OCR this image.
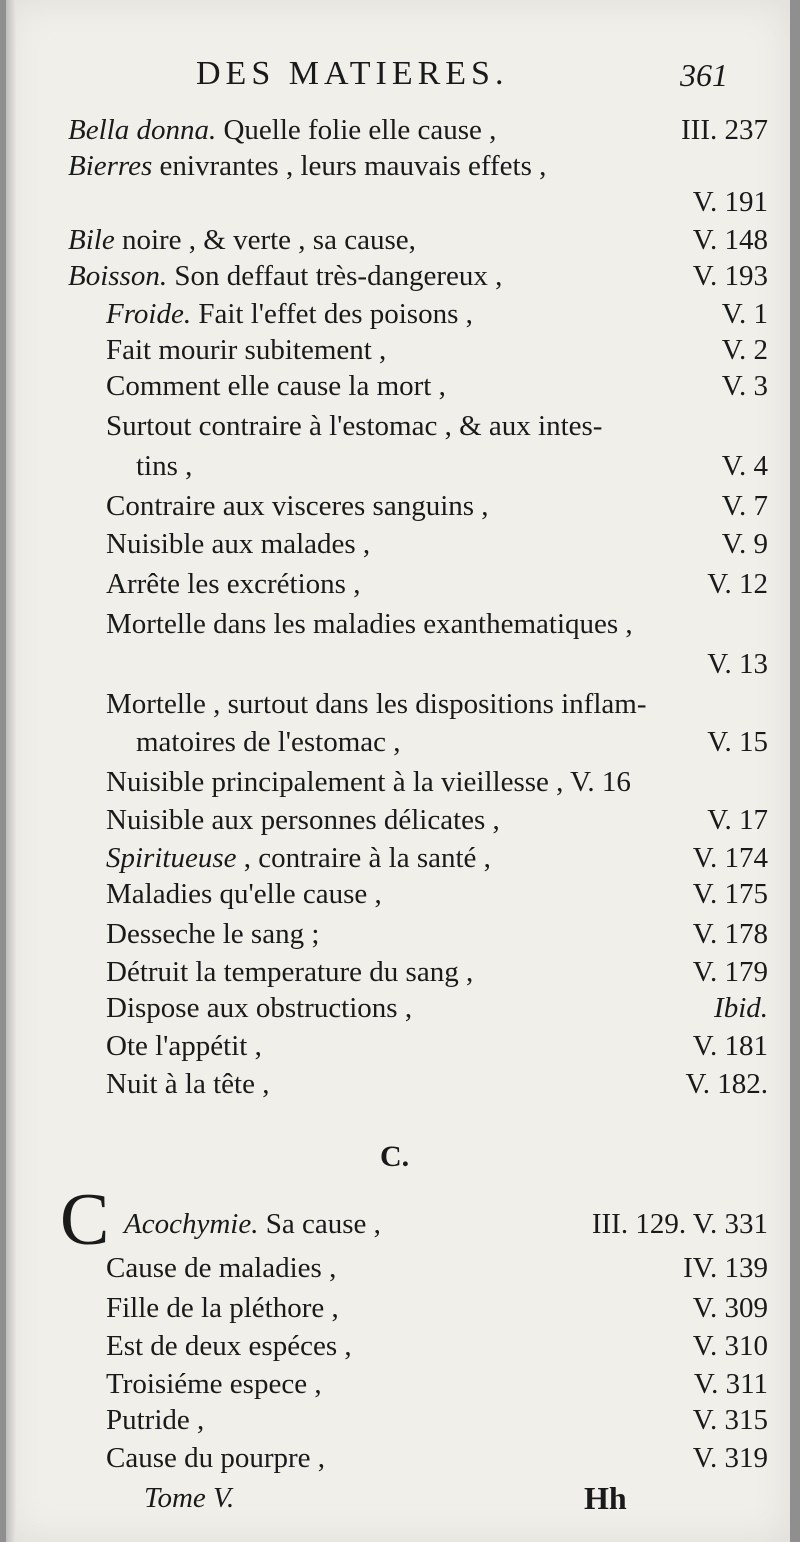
DES MATIERES.	361
Bella donna. Quelle folie elle cause ,	III. 237
Bierres enivrantes , leurs mauvais effets ,
V. 191
Bile noire , & verte , sa cause,	V. 148
Boisson. Son deffaut très-dangereux ,	V. 193
Froide. Fait l'effet des poisons ,	V. 1
Fait mourir subitement ,	V. 2
Comment elle cause la mort ,	V. 3
Surtout contraire à l'estomac , & aux intes-
tins ,	V. 4
Contraire aux visceres sanguins ,	V. 7
Nuisible aux malades ,	V. 9
Arrête les excrétions ,	V. 12
Mortelle dans les maladies exanthematiques ,
V. 13
Mortelle , surtout dans les dispositions inflam-
matoires de l'estomac ,	V. 15
Nuisible principalement à la vieillesse , V. 16
Nuisible aux personnes délicates ,	V. 17
Spiritueuse , contraire à la santé ,	V. 174
Maladies qu'elle cause ,	V. 175
Desseche le sang ;	V. 178
Détruit la temperature du sang ,	V. 179
Dispose aux obstructions ,	Ibid.
Ote l'appétit ,	V. 181
Nuit à la tête ,	V. 182.
Acochymie. Sa cause ,	III. 129. V. 331
Cause de maladies ,	IV. 139
Fille de la pléthore ,	V. 309
Est de deux espéces ,	V. 310
Troisiéme espece ,	V. 311
Putride ,	V. 315
Cause du pourpre ,	V. 319
C.
C
Tome V.	Hh
